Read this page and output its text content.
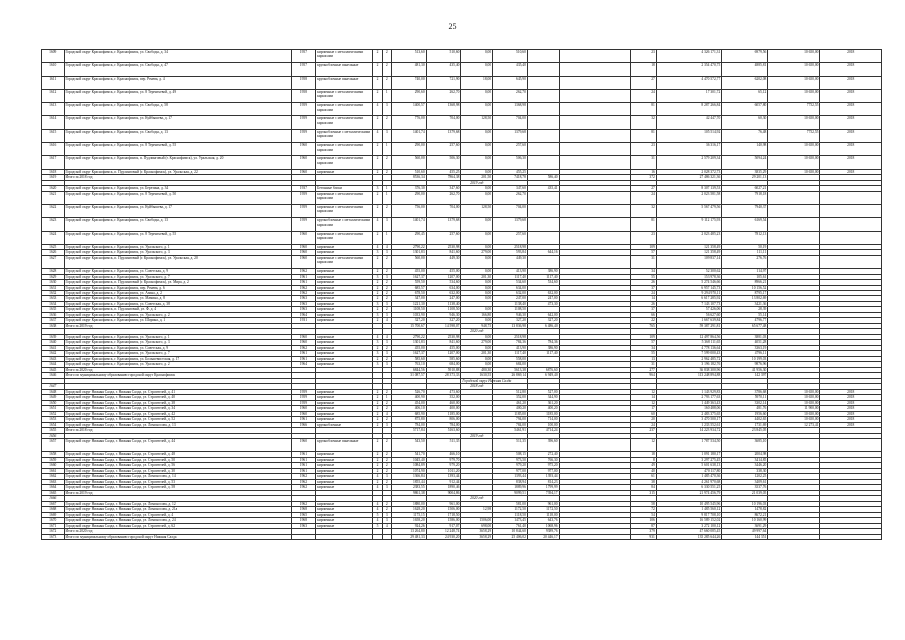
25
1609	Городской округ Краснофимск, г. Краснофимск, ул. Свободы, д. 34	1957	кирпичные с металлическими каркасами	2	2	513,60	510,60	0,00	510,60			23	4 326 171,31	6979,56	10 650,00	2018
1610	Городской округ Краснофимск, г. Краснофимск, ул. Свободы, д. 47	1957	крупноблочные панельные	2	2	481,30	435,40	0,00	435,40			18	2 354 470,75	4885,81	10 650,00	2018
1611	Городской округ Краснофимск, г. Краснофимск, пер. Ренева, д. 4	1958	крупноблочные панельные	2	2	740,00	721,90	18,00	645,90			27	4 470 572,77	6202,08	10 650,00	2018
1612	Городской округ Краснофимск, г. Краснофимск, ул. 8 Терентьевой, д. 49	1958	кирпичные с металлическими каркасами	2	1	290,60	262,70	0,00	262,70			24	17 301,72	65,12	10 650,00	2018
1613	Городской округ Краснофимск, г. Краснофимск, ул. Свободы, д. 58	1959	кирпичные с металлическими каркасами	4	3	1400,57	1368,98	0,00	1368,98			81	8 287 266,84	6057,80	7752,55	2018
1614	Городской округ Краснофимск, г. Краснофимск, ул. Куйбышева, д. 17	1959	кирпичные с металлическими каркасами	2	2	776,00	704,00	128,50	704,00			32	42 447,70	60,30	10 650,00	2018
1615	Городской округ Краснофимск, г. Краснофимск, ул. Свободы, д. 13	1959	крупноблочные с металлическими каркасами	4	3	1401,74	1379,68	0,00	1379,68			81	105 514,92	76,48	7752,55	2018
1616	Городской округ Краснофимск, г. Краснофимск, ул. 8 Терентьевой, д. 55	1960	кирпичные с металлическими каркасами	2	1	290,00	257,60	0,00	257,60			23	36 316,17	140,98	10 650,00	2018
1617	Городской округ Краснофимск, г. Краснофимск, п. Пудлинговый (г. Краснофимск), ул. Уральская, д. 20	1960	кирпичные с металлическими каркасами	2	2	560,00	506,30	0,00	506,30			31	2 579 209,34	5094,24	10 650,00	2018
1618	Городской округ Краснофимск, п. Пудлинговый (г. Краснофимск), ул. Уральская, д. 22	1960	кирпичные	2	2	510,60	455,25	0,00	455,25			16	2 028 372,73	3835,29	10 650,00	2018
1619	Итого за 2018 год					8536,34	7864,38	201,50	7418,78	586,40		372	27 486 321,36	29 201,13		
								2019 год								
1620	Городской округ Краснофимск, г. Краснофимск, ул. Березина, д. 34	1937	Бетонные блоки	3	1	376,30	347,60	0,00	347,60	435,41		27	8 307 139,53	6027,21		
1621	Городской округ Краснофимск, г. Краснофимск, ул. 8 Терентьевой, д. 50	1959	кирпичные с металлическими каркасами	2	1	290,00	262,70	0,00	262,70			24	2 023 581,58	7918,18		
1622	Городской округ Краснофимск, г. Краснофимск, ул. Куйбышева, д. 17	1959	кирпичные с металлическими каркасами	2	2	756,00	704,00	128,50	704,00			32	5 567 479,56	7940,37		
1623	Городской округ Краснофимск, г. Краснофимск, ул. Свободы, д. 13	1959	крупноблочные с металлическими каркасами	4	3	1401,74	1379,68	0,00	1379,68			81	9 112 175,93	6169,54		
1624	Городской округ Краснофимск, г. Краснофимск, ул. 8 Терентьевой, д. 55	1960	кирпичные с металлическими каркасами	2	1	290,45	257,60	0,00	257,60			23	2 023 485,23	7812,13		
1625	Городской округ Краснофимск, г. Краснофимск, ул. Уральского, д. 1	1960	кирпичные	4	4	2790,22	2530,98	0,00	2518,98			109	121 358,49	50,19		
1626	Городской округ Краснофимск, г. Краснофимск, ул. Уральского, д. 3	1960	кирпичные	3	3	1301,83	841,60	279,00	593,84	644,16		57	121 358,49	111,11		
1627	Городской округ Краснофимск, п. Пудлинговый (г. Краснофимск), ул. Уральская, д. 20	1960	кирпичные с металлическими каркасами	2	2	560,00	449,30	0,00	449,30			31	109 837,14	276,76		
1628	Городской округ Краснофимск, г. Краснофимск, ул. Советская, д. 9	1962	кирпичные	2	2	455,00	455,00	0,00	413,90	386,90		34	52 300,62	114,97		
1629	Городской округ Краснофимск, г. Краснофимск, ул. Уральского, д. 7	1961	кирпичные	3	3	1627,37	1207,00	201,30	1117,40	1117,40		55	153 978,36	105,61		
1630	Городской округ Краснофимск, п. Пудлинговый (г. Краснофимск), ул. Мира, д. 2	1961	кирпичные	2	2	559,50	534,60	0,00	534,60	534,60		26	5 274 546,66	8966,21		
1631	Городской округ Краснофимск, г. Краснофимск, пер. Ренева, д. 6	1962	кирпичные	2	2	685,57	634,00	0,00	634,00			37	6 957 145,73	10 156,52		
1632	Городской округ Краснофимск, г. Краснофимск, ул. Азина, д. 2	1962	кирпичные	2	2	678,50	632,00	0,00	632,00	632,00		24	9 294 970,11	8795,17		
1633	Городской округ Краснофимск, г. Краснофимск, ул. Мамина, д. 8	1963	кирпичные	2	2	347,00	247,00	0,00	247,00	247,00		14	6 617 285,92	13 802,69		
1634	Городской округ Краснофимск, г. Краснофимск, ул. Советская, д. 38	1963	кирпичные	3	3	1221,30	1138,40		1138,40	473,30		26	7 143 107,73	3421,36		
1635	Городской округ Краснофимск, п. Пудлинговый, ул. Ф. д. 4	1963	кирпичные	2	2	1108,50	1108,50	0,00	1108,50			37	57 426,06	28,39		
1636	Городской округ Краснофимск, г. Краснофимск, ул. Уральского, д. 2	1964	кирпичные	3	3	1033,90	946,30	166,80	946,30	642,00		66	56 627,60	55,14		
1637	Городской округ Краснофимск, г. Краснофимск, ул. Шорина, д. 1	1931	кирпичные	2	4	327,20	327,20	0,00	327,20	327,20		22	1 667 639,84	4796,77		
1638	Итого за 2019 год					15 700,67	14 598,07	948,75	13 836,98	6 486,40		765	59 387 291,81	65 677,48		
								2020 год								
1639	Городской округ Краснофимск, г. Краснофимск, ул. Уральского, д. 1	1960	кирпичные	4	4	2790,22	2530,98	0,00	2518,98			109	12 497 864,56	3881,03		
1640	Городской округ Краснофимск, г. Краснофимск, ул. Уральского, д. 3	1960	кирпичные	3	3	1301,83	841,60	279,00	784,36	784,36		57	5 368 111,65	4051,28		
1641	Городской округ Краснофимск, г. Краснофимск, ул. Советская, д. 9	1962	кирпичные	2	2	455,00	455,00	0,00	413,90	386,90		34	4 778 136,64	3363,19		
1642	Городской округ Краснофимск, г. Краснофимск, ул. Уральского, д. 7	1961	кирпичные	3	3	1627,37	1207,00	201,30	1117,40	1117,40		55	7 599 000,43	4796,11		
1643	Городской округ Краснофимск, г. Краснофимск, ул. Большевистская, д. 17	1961	кирпичные	2	2	585,60	585,60	0,00	558,00			13	2 962 485,72	10 199,03		
1644	Городской округ Краснофимск, г. Краснофимск, ул. Уральского, д. 2	1964	кирпичные	3	3	763,10	684,00	0,00	684,00			31	3 196 182,76	9876,96		
1645	Итого за 2020 год					6844,56	5910,88	480,30	5613,38	6876,60		277	36 838 300,96	41 956,30		
1646	Итого по муниципальному образованию городской округ Краснофимск					31 087,57	28 373,33	1630,55	26 869,14	6 949,40		964	113 248 894,88	142 397		
								Городской округ Нижняя Салда								
1647								2018 год								
1648	Городской округ Нижняя Салда, г. Нижняя Салда, ул. Строителей, д. 41	1959	кирпичные	2	2	526,70	473,60		512,80	527,00		12	1 143 929,83	3786,68	10 650,00	2018
1649	Городской округ Нижняя Салда, г. Нижняя Салда, ул. Строителей, д. 40	1959	кирпичные	2	1	400,90	352,00		352,00	344,90		14	2 793 177,63	5970,11	10 650,00	2018
1650	Городской округ Нижняя Салда, г. Нижняя Салда, ул. Строителей, д. 38	1959	кирпичные	2	2	454,00	460,00		461,20	361,20		12	1 449 363,43	3302,14	10 650,00	2018
1651	Городской округ Нижняя Салда, г. Нижняя Салда, ул. Строителей, д. 34	1960	кирпичные	2	2	406,10	400,00		400,20	400,20		17	160 488,06	481,76	11 900,00	2018
1652	Городской округ Нижняя Салда, г. Нижняя Салда, ул. Строителей, д. 42	1960	кирпичные	2	4	685,90	1185,00		1185,00	1185,00		60	2 483 375,65	1956,60	10 650,00	2018
1653	Городской округ Нижняя Салда, г. Нижняя Салда, ул. Строителей, д. 52	1961	кирпичные	2	2	875,80	806,00		794,00	714,00		20	3 470 500,17	4402,65	10 650,00	2018
1654	Городской округ Нижняя Салда, г. Нижняя Салда, ул. Ломоносова, д. 13	1966	крупноблочные	2	3	784,00	784,00		784,00	100,00		24	1 233 552,61	1731,69	12 273,41	2018
1655	Итого за 2018 год					5717,84	5163,60		5461,91	4714,24		237	14 223 934,72	23 845,05		
1656								2019 год								
1657	Городской округ Нижняя Салда, г. Нижняя Салда, ул. Строителей, д. 44	1960	крупноблочные панельные	2	2	543,50	511,35		511,35	396,60		12	1 787 534,50	3685,10		
1658	Городской округ Нижняя Салда, г. Нижняя Салда, ул. Строителей, д. 48	1961	кирпичные	2	2	541,70	466,10		508,15	272,40		18	1 091 180,17	2004,98		
1659	Городской округ Нижняя Салда, г. Нижняя Салда, ул. Строителей, д. 50	1961	кирпичные	2	2	1045,40	979,70		973,50	766,30		8	3 297 275,45	3414,85		
1660	Городской округ Нижняя Салда, г. Нижняя Салда, ул. Строителей, д. 56	1961	кирпичные	2	2	1084,89	979,20		979,20	975,20		49	5 601 638,13	3446,20		
1661	Городской округ Нижняя Салда, г. Нижняя Салда, ул. Строителей, д. 30	1961	кирпичные	2	2	1074,90	1011,20		977,00	977,00		40	470 117,80	338,30		
1662	Городской округ Нижняя Салда, г. Нижняя Салда, ул. Ломоносова, д. 14	1962	кирпичные	4	3	1366,84	1393,44		1393,44	1393,44		61	1 485 470,36	1202,25		
1663	Городской округ Нижняя Салда, г. Нижняя Салда, ул. Строителей, д. 53	1962	кирпичные	2	2	1855,44	912,44		838,94	814,23		38	4 261 970,68	3409,61		
1664	Городской округ Нижняя Салда, г. Нижняя Салда, ул. Строителей, д. 58	1962	кирпичные	4	3	2383,55	1890,46		1889,96	1799,99		84	6 330 551,25	3537,76		
1665	Итого за 2019 год					9861,38	9004,86		9099,51	7394,17		315	21 974 456,79	21 039,05		
1666								2020 год								
1667	Городской округ Нижняя Салда, г. Нижняя Салда, ул. Ломоносова, д. 12	1962	кирпичные	4	2	1880,00	961,00		581,00	961,00		58	10 495 545,96	10 196,03		
1668	Городской округ Нижняя Салда, г. Нижняя Салда, ул. Ломоносова, д. 21а	1968	кирпичные	4	2	1628,20	1506,00	12,98	1172,50	1172,50		72	1 485 560,12	1478,82		
1669	Городской округ Нижняя Салда, г. Нижняя Салда, ул. Строителей, д. 4	1965	кирпичные	5	3	1175,15	1718,50		1118,50	1118,00		54	9 817 708,10	8672,21		
1670	Городской округ Нижняя Салда, г. Нижняя Салда, ул. Ломоносова, д. 24	1968	кирпичные	4	3	1658,20	1586,00	1506,00	1473,45	643,76		106	16 589 152,02	10 160,99		
1671	Городской округ Нижняя Салда, г. Нижняя Салда, ул. Строителей, д. 62	1963	кирпичные	5	4	924,26	917,07	698,00	761,40	1068,96		87	3 272 100,12	3691,29		
1672	Итого за 2020 год					13 264,80	12 248,74	3658,29	10 844,60	9389,76		379	47 660 085,45	49 997,64		
1673	Итого по муниципальному образованию городской округ Нижняя Салда					29 481,33	24 930,20	3658,29	25 406,02	20 446,17		931	135 285 644,26	144 351		
